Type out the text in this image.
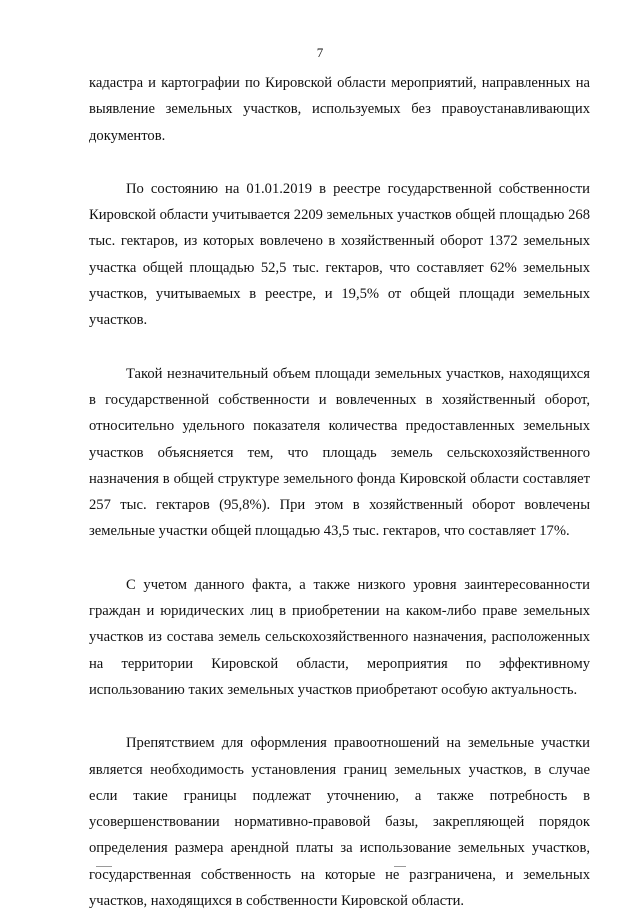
7

кадастра и картографии по Кировской области мероприятий, направленных на выявление земельных участков, используемых без правоустанавливающих документов.

По состоянию на 01.01.2019 в реестре государственной собственности Кировской области учитывается 2209 земельных участков общей площадью 268 тыс. гектаров, из которых вовлечено в хозяйственный оборот 1372 земельных участка общей площадью 52,5 тыс. гектаров, что составляет 62% земельных участков, учитываемых в реестре, и 19,5% от общей площади земельных участков.

Такой незначительный объем площади земельных участков, находящихся в государственной собственности и вовлеченных в хозяйственный оборот, относительно удельного показателя количества предоставленных земельных участков объясняется тем, что площадь земель сельскохозяйственного назначения в общей структуре земельного фонда Кировской области составляет 257 тыс. гектаров (95,8%). При этом в хозяйственный оборот вовлечены земельные участки общей площадью 43,5 тыс. гектаров, что составляет 17%.

С учетом данного факта, а также низкого уровня заинтересованности граждан и юридических лиц в приобретении на каком-либо праве земельных участков из состава земель сельскохозяйственного назначения, расположенных на территории Кировской области, мероприятия по эффективному использованию таких земельных участков приобретают особую актуальность.

Препятствием для оформления правоотношений на земельные участки является необходимость установления границ земельных участков, в случае если такие границы подлежат уточнению, а также потребность в усовершенствовании нормативно-правовой базы, закрепляющей порядок определения размера арендной платы за использование земельных участков, государственная собственность на которые не разграничена, и земельных участков, находящихся в собственности Кировской области.
